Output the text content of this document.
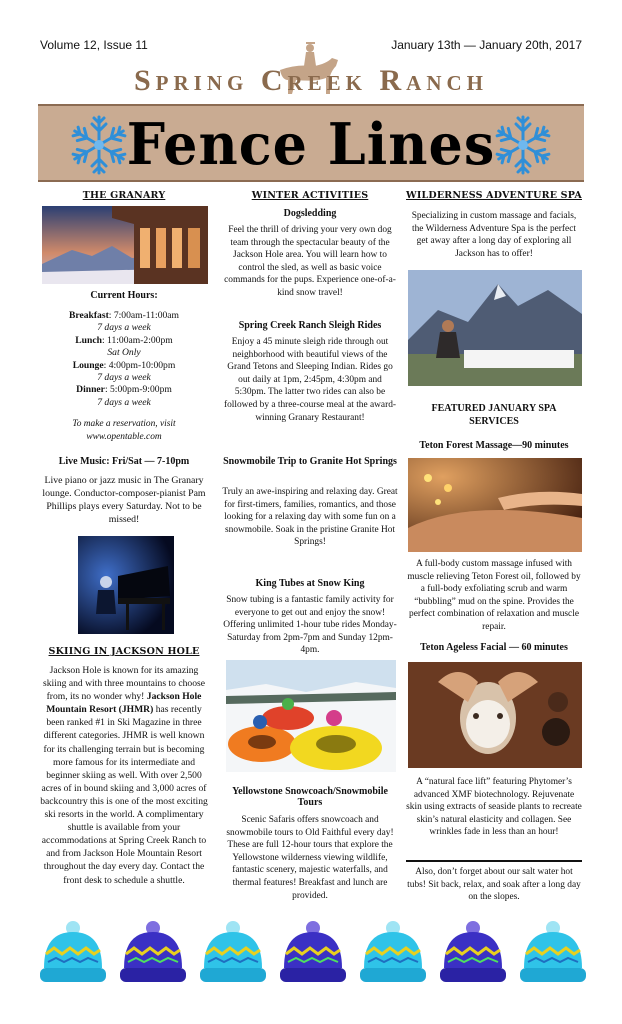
Volume 12, Issue 11	January 13th — January 20th, 2017
Spring Creek Ranch
Fence Lines
THE GRANARY
Current Hours:
Breakfast: 7:00am-11:00am
7 days a week
Lunch: 11:00am-2:00pm
Sat Only
Lounge: 4:00pm-10:00pm
7 days a week
Dinner: 5:00pm-9:00pm
7 days a week
To make a reservation, visit www.opentable.com
Live Music: Fri/Sat — 7-10pm
Live piano or jazz music in The Granary lounge. Conductor-composer-pianist Pam Phillips plays every Saturday. Not to be missed!
SKIING IN JACKSON HOLE
Jackson Hole is known for its amazing skiing and with three mountains to choose from, its no wonder why! Jackson Hole Mountain Resort (JHMR) has recently been ranked #1 in Ski Magazine in three different categories. JHMR is well known for its challenging terrain but is becoming more famous for its intermediate and beginner skiing as well. With over 2,500 acres of in bound skiing and 3,000 acres of backcountry this is one of the most exciting ski resorts in the world. A complimentary shuttle is available from your accommodations at Spring Creek Ranch to and from Jackson Hole Mountain Resort throughout the day every day. Contact the front desk to schedule a shuttle.
WINTER ACTIVITIES
Dogsledding
Feel the thrill of driving your very own dog team through the spectacular beauty of the Jackson Hole area. You will learn how to control the sled, as well as basic voice commands for the pups. Experience one-of-a-kind snow travel!
Spring Creek Ranch Sleigh Rides
Enjoy a 45 minute sleigh ride through out neighborhood with beautiful views of the Grand Tetons and Sleeping Indian. Rides go out daily at 1pm, 2:45pm, 4:30pm and 5:30pm. The latter two rides can also be followed by a three-course meal at the award-winning Granary Restaurant!
Snowmobile Trip to Granite Hot Springs
Truly an awe-inspiring and relaxing day. Great for first-timers, families, romantics, and those looking for a relaxing day with some fun on a snowmobile. Soak in the pristine Granite Hot Springs!
King Tubes at Snow King
Snow tubing is a fantastic family activity for everyone to get out and enjoy the snow! Offering unlimited 1-hour tube rides Monday-Saturday from 2pm-7pm and Sunday 12pm-4pm.
Yellowstone Snowcoach/Snowmobile Tours
Scenic Safaris offers snowcoach and snowmobile tours to Old Faithful every day! These are full 12-hour tours that explore the Yellowstone wilderness viewing wildlife, fantastic scenery, majestic waterfalls, and thermal features! Breakfast and lunch are provided.
WILDERNESS ADVENTURE SPA
Specializing in custom massage and facials, the Wilderness Adventure Spa is the perfect get away after a long day of exploring all Jackson has to offer!
FEATURED JANUARY SPA SERVICES
Teton Forest Massage—90 minutes
A full-body custom massage infused with muscle relieving Teton Forest oil, followed by a full-body exfoliating scrub and warm “bubbling” mud on the spine. Provides the perfect combination of relaxation and muscle repair.
Teton Ageless Facial — 60 minutes
A “natural face lift” featuring Phytomer’s advanced XMF biotechnology. Rejuvenate skin using extracts of seaside plants to recreate skin’s natural elasticity and collagen. See wrinkles fade in less than an hour!
Also, don’t forget about our salt water hot tubs! Sit back, relax, and soak after a long day on the slopes.
